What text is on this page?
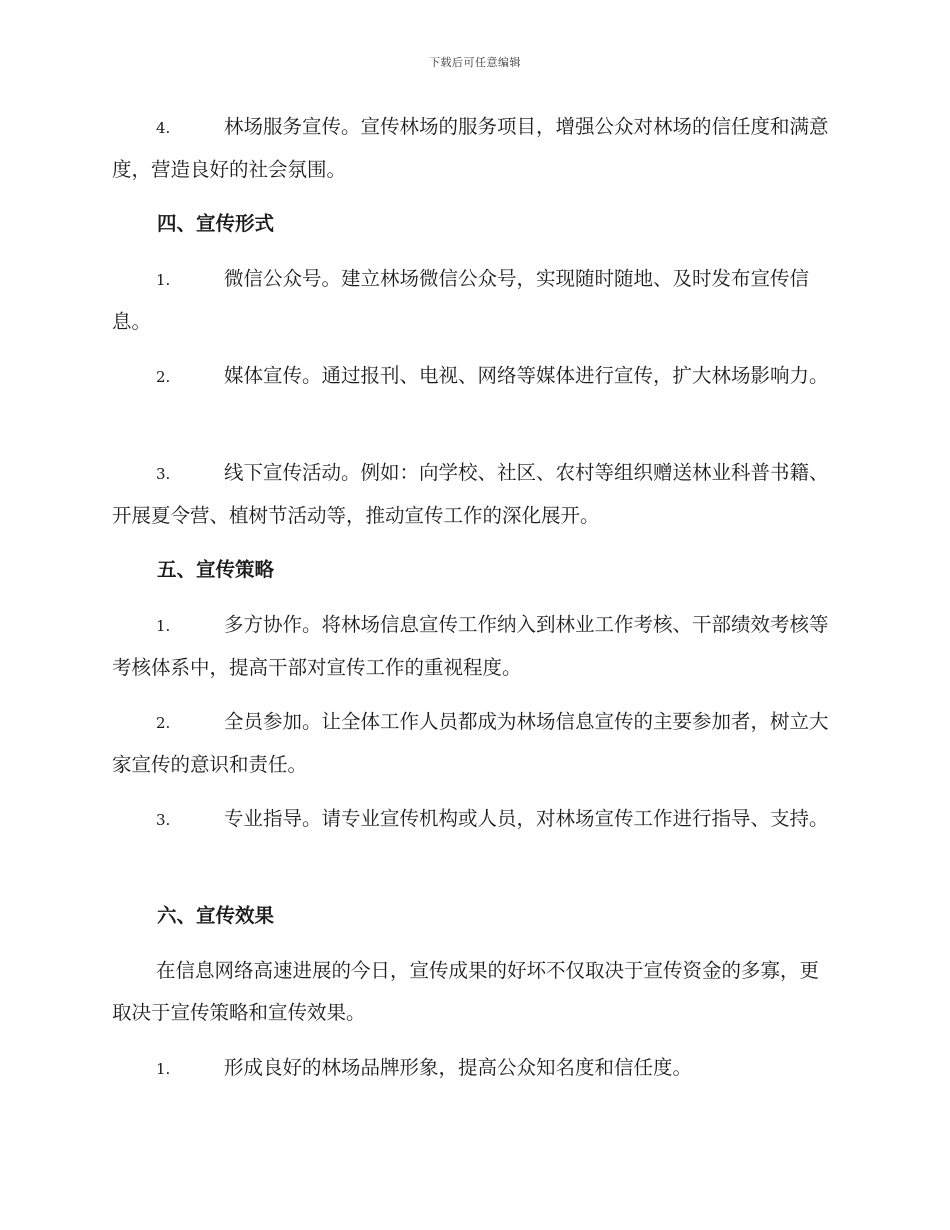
下载后可任意编辑
4.	林场服务宣传。宣传林场的服务项目，增强公众对林场的信任度和满意度，营造良好的社会氛围。
四、宣传形式
1.	微信公众号。建立林场微信公众号，实现随时随地、及时发布宣传信息。
2.	媒体宣传。通过报刊、电视、网络等媒体进行宣传，扩大林场影响力。
3.	线下宣传活动。例如：向学校、社区、农村等组织赠送林业科普书籍、开展夏令营、植树节活动等，推动宣传工作的深化展开。
五、宣传策略
1.	多方协作。将林场信息宣传工作纳入到林业工作考核、干部绩效考核等考核体系中，提高干部对宣传工作的重视程度。
2.	全员参加。让全体工作人员都成为林场信息宣传的主要参加者，树立大家宣传的意识和责任。
3.	专业指导。请专业宣传机构或人员，对林场宣传工作进行指导、支持。
六、宣传效果
在信息网络高速进展的今日，宣传成果的好坏不仅取决于宣传资金的多寡，更取决于宣传策略和宣传效果。
1.	形成良好的林场品牌形象，提高公众知名度和信任度。
